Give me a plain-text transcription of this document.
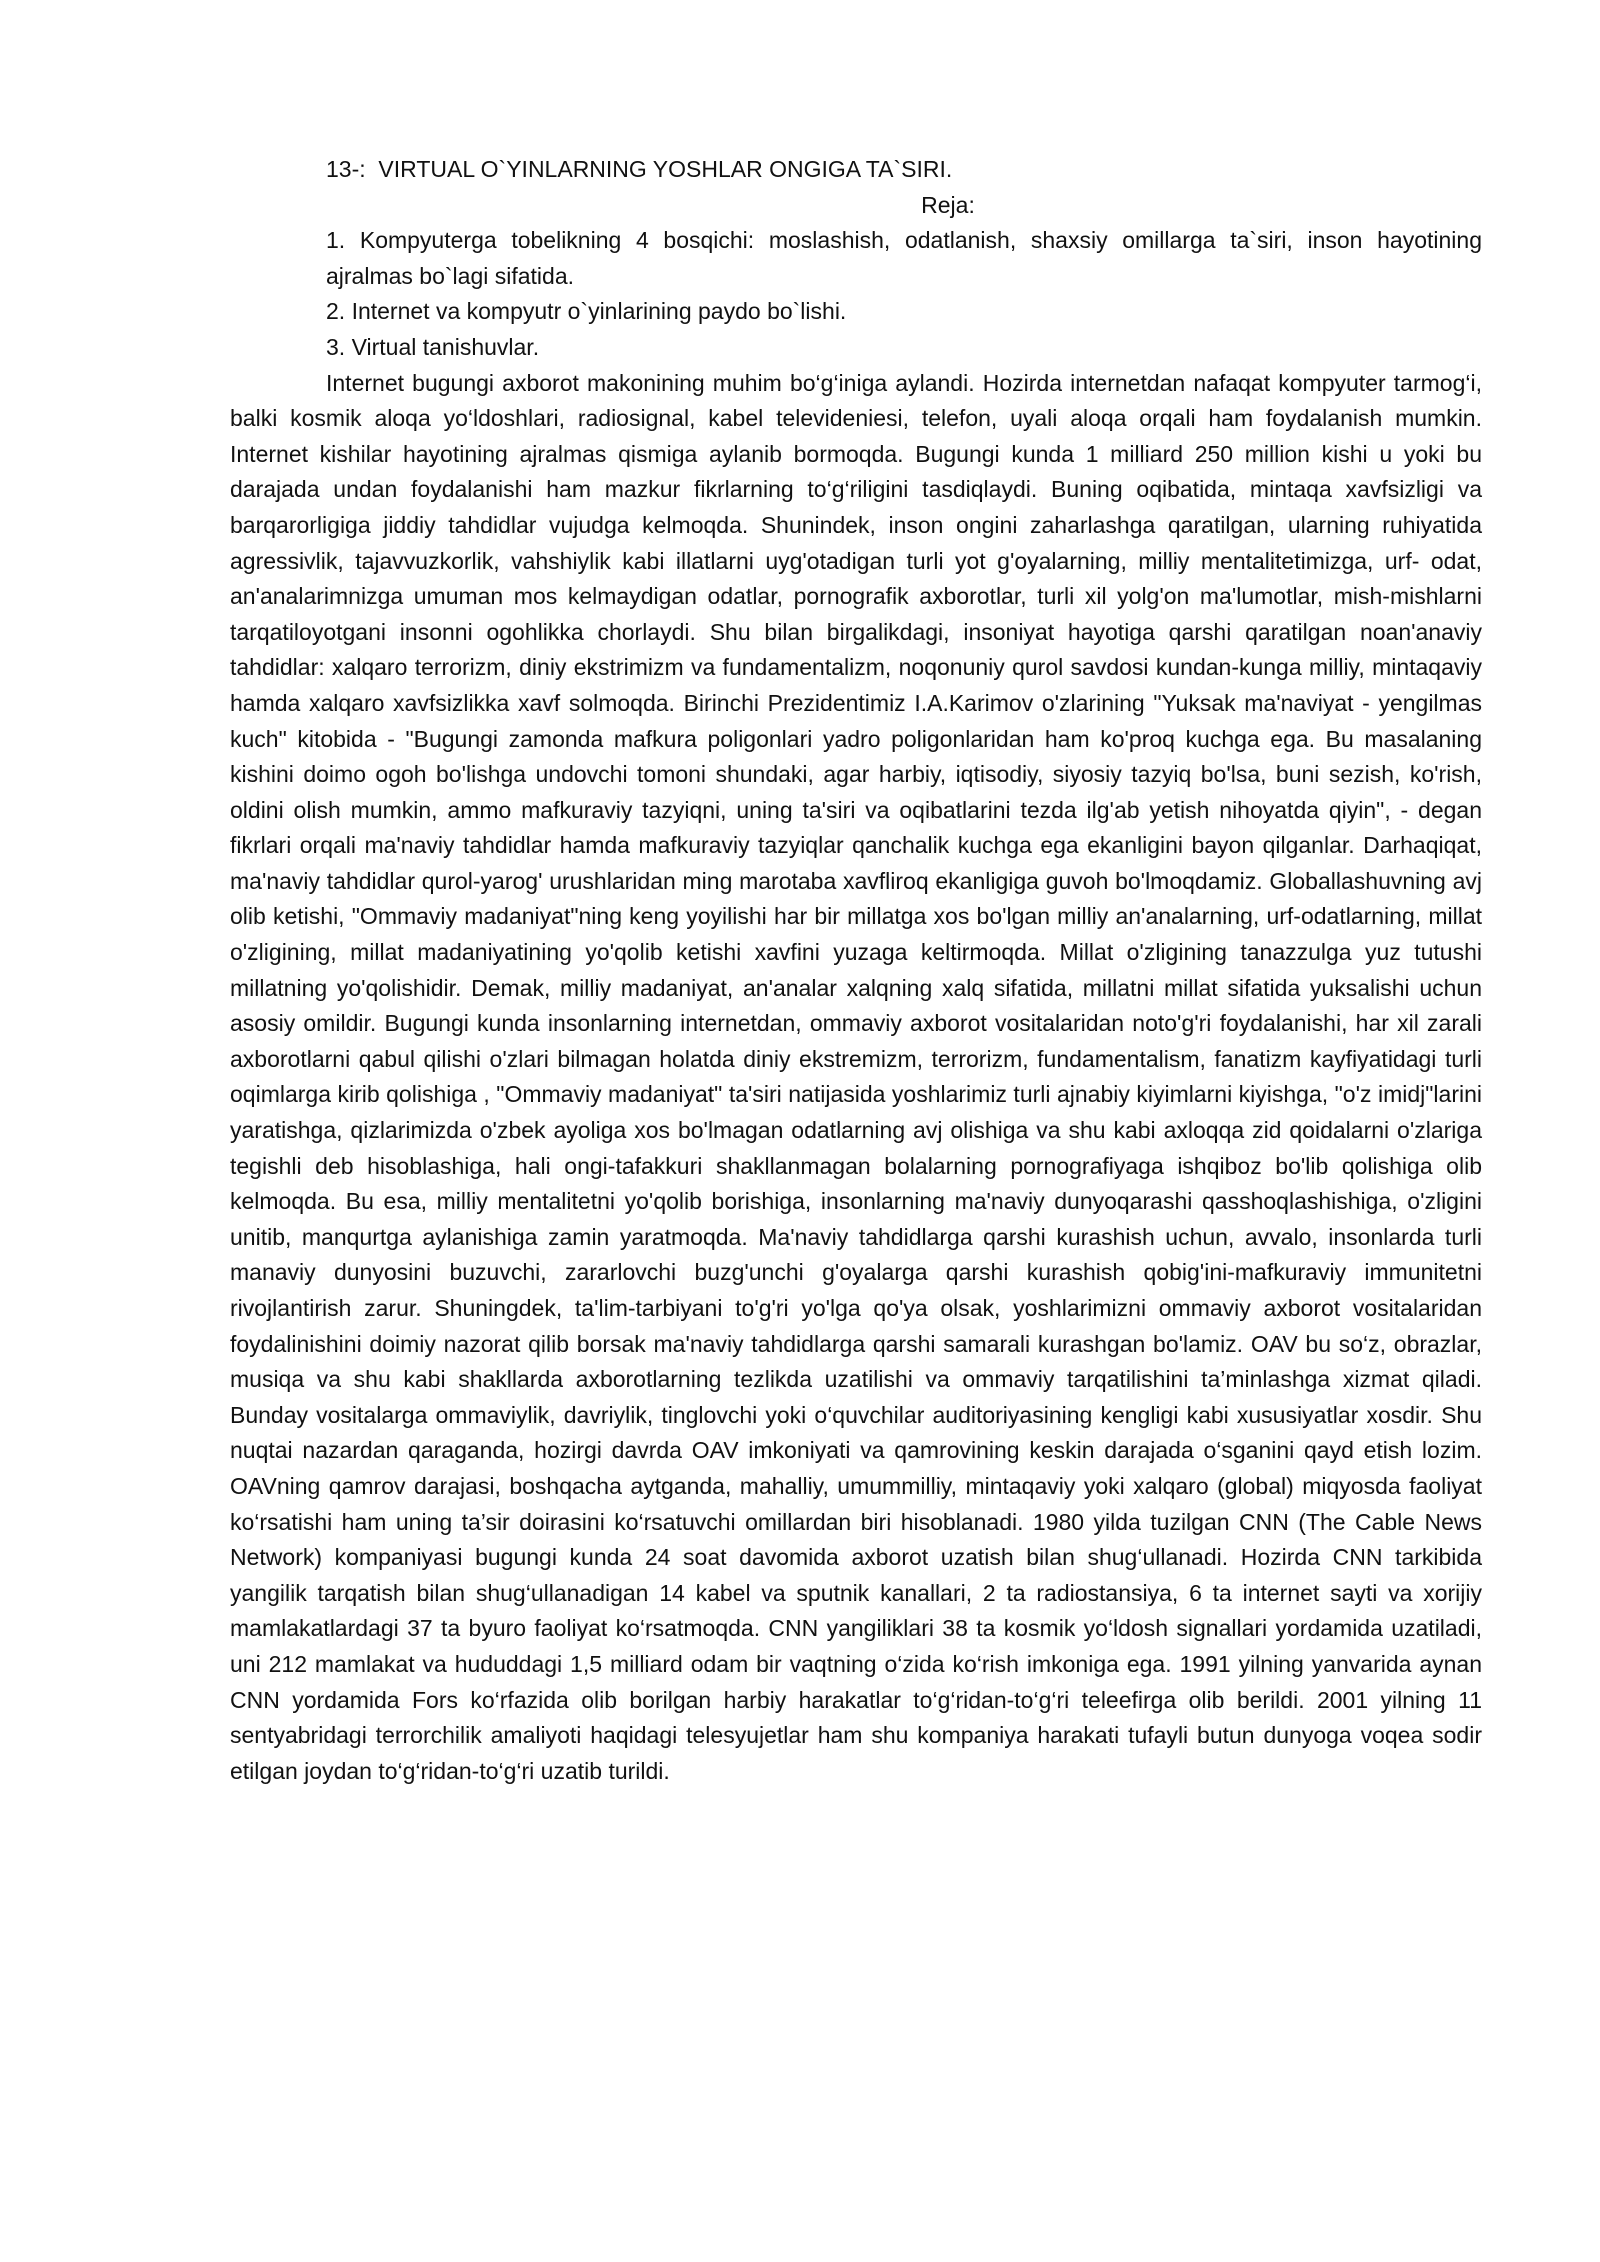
13-:  VIRTUAL O`YINLARNING YOSHLAR ONGIGA TA`SIRI.
Reja:
1. Kompyuterga tobelikning 4 bosqichi: moslashish, odatlanish, shaxsiy omillarga ta`siri, inson hayotining ajralmas bo`lagi sifatida.
2. Internet va kompyutr o`yinlarining paydo bo`lishi.
3. Virtual tanishuvlar.

Internet bugungi axborot makonining muhim bo‘g‘iniga aylandi. Hozirda internetdan nafaqat kompyuter tarmog‘i, balki kosmik aloqa yo‘ldoshlari, radiosignal, kabel televideniesi, telefon, uyali aloqa orqali ham foydalanish mumkin. Internet kishilar hayotining ajralmas qismiga aylanib bormoqda. Bugungi kunda 1 milliard 250 million kishi u yoki bu darajada undan foydalanishi ham mazkur fikrlarning to‘g‘riligini tasdiqlaydi. Buning oqibatida, mintaqa xavfsizligi va barqarorligiga jiddiy tahdidlar vujudga kelmoqda. Shunindek, inson ongini zaharlashga qaratilgan, ularning ruhiyatida agressivlik, tajavvuzkorlik, vahshiylik kabi illatlarni uyg'otadigan turli yot g'oyalarning, milliy mentalitetimizga, urf- odat, an'analarimnizga umuman mos kelmaydigan odatlar, pornografik axborotlar, turli xil yolg'on ma'lumotlar, mish-mishlarni tarqatiloyotgani insonni ogohlikka chorlaydi. Shu bilan birgalikdagi, insoniyat hayotiga qarshi qaratilgan noan'anaviy tahdidlar: xalqaro terrorizm, diniy ekstrimizm va fundamentalizm, noqonuniy qurol savdosi kundan-kunga milliy, mintaqaviy hamda xalqaro xavfsizlikka xavf solmoqda. Birinchi Prezidentimiz I.A.Karimov o'zlarining "Yuksak ma'naviyat - yengilmas kuch" kitobida - "Bugungi zamonda mafkura poligonlari yadro poligonlaridan ham ko'proq kuchga ega. Bu masalaning kishini doimo ogoh bo'lishga undovchi tomoni shundaki, agar harbiy, iqtisodiy, siyosiy tazyiq bo'lsa, buni sezish, ko'rish, oldini olish mumkin, ammo mafkuraviy tazyiqni, uning ta'siri va oqibatlarini tezda ilg'ab yetish nihoyatda qiyin", - degan fikrlari orqali ma'naviy tahdidlar hamda mafkuraviy tazyiqlar qanchalik kuchga ega ekanligini bayon qilganlar. Darhaqiqat, ma'naviy tahdidlar qurol-yarog' urushlaridan ming marotaba xavfliroq ekanligiga guvoh bo'lmoqdamiz. Globallashuvning avj olib ketishi, "Ommaviy madaniyat"ning keng yoyilishi har bir millatga xos bo'lgan milliy an'analarning, urf-odatlarning, millat o'zligining, millat madaniyatining yo'qolib ketishi xavfini yuzaga keltirmoqda. Millat o'zligining tanazzulga yuz tutushi millatning yo'qolishidir. Demak, milliy madaniyat, an'analar xalqning xalq sifatida, millatni millat sifatida yuksalishi uchun asosiy omildir. Bugungi kunda insonlarning internetdan, ommaviy axborot vositalaridan noto'g'ri foydalanishi, har xil zarali axborotlarni qabul qilishi o'zlari bilmagan holatda diniy ekstremizm, terrorizm, fundamentalism, fanatizm kayfiyatidagi turli oqimlarga kirib qolishiga , "Ommaviy madaniyat" ta'siri natijasida yoshlarimiz turli ajnabiy kiyimlarni kiyishga, "o'z imidj"larini yaratishga, qizlarimizda o'zbek ayoliga xos bo'lmagan odatlarning avj olishiga va shu kabi axloqqa zid qoidalarni o'zlariga tegishli deb hisoblashiga, hali ongi-tafakkuri shakllanmagan bolalarning pornografiyaga ishqiboz bo'lib qolishiga olib kelmoqda. Bu esa, milliy mentalitetni yo'qolib borishiga, insonlarning ma'naviy dunyoqarashi qasshoqlashishiga, o'zligini unitib, manqurtga aylanishiga zamin yaratmoqda. Ma'naviy tahdidlarga qarshi kurashish uchun, avvalo, insonlarda turli manaviy dunyosini buzuvchi, zararlovchi buzg'unchi g'oyalarga qarshi kurashish qobig'ini-mafkuraviy immunitetni rivojlantirish zarur. Shuningdek, ta'lim-tarbiyani to'g'ri yo'lga qo'ya olsak, yoshlarimizni ommaviy axborot vositalaridan foydalinishini doimiy nazorat qilib borsak ma'naviy tahdidlarga qarshi samarali kurashgan bo'lamiz. OAV bu so‘z, obrazlar, musiqa va shu kabi shakllarda axborotlarning tezlikda uzatilishi va ommaviy tarqatilishini ta’minlashga xizmat qiladi. Bunday vositalarga ommaviylik, davriylik, tinglovchi yoki o‘quvchilar auditoriyasining kengligi kabi xususiyatlar xosdir. Shu nuqtai nazardan qaraganda, hozirgi davrda OAV imkoniyati va qamrovining keskin darajada o‘sganini qayd etish lozim. OAVning qamrov darajasi, boshqacha aytganda, mahalliy, umummilliy, mintaqaviy yoki xalqaro (global) miqyosda faoliyat ko‘rsatishi ham uning ta’sir doirasini ko‘rsatuvchi omillardan biri hisoblanadi. 1980 yilda tuzilgan CNN (The Cable News Network) kompaniyasi bugungi kunda 24 soat davomida axborot uzatish bilan shug‘ullanadi. Hozirda CNN tarkibida yangilik tarqatish bilan shug‘ullanadigan 14 kabel va sputnik kanallari, 2 ta radiostansiya, 6 ta internet sayti va xorijiy mamlakatlardagi 37 ta byuro faoliyat ko‘rsatmoqda. CNN yangiliklari 38 ta kosmik yo‘ldosh signallari yordamida uzatiladi, uni 212 mamlakat va hududdagi 1,5 milliard odam bir vaqtning o‘zida ko‘rish imkoniga ega. 1991 yilning yanvarida aynan CNN yordamida Fors ko‘rfazida olib borilgan harbiy harakatlar to‘g‘ridan-to‘g‘ri teleefirga olib berildi. 2001 yilning 11 sentyabridagi terrorchilik amaliyoti haqidagi telesyujetlar ham shu kompaniya harakati tufayli butun dunyoga voqea sodir etilgan joydan to‘g‘ridan-to‘g‘ri uzatib turildi.
